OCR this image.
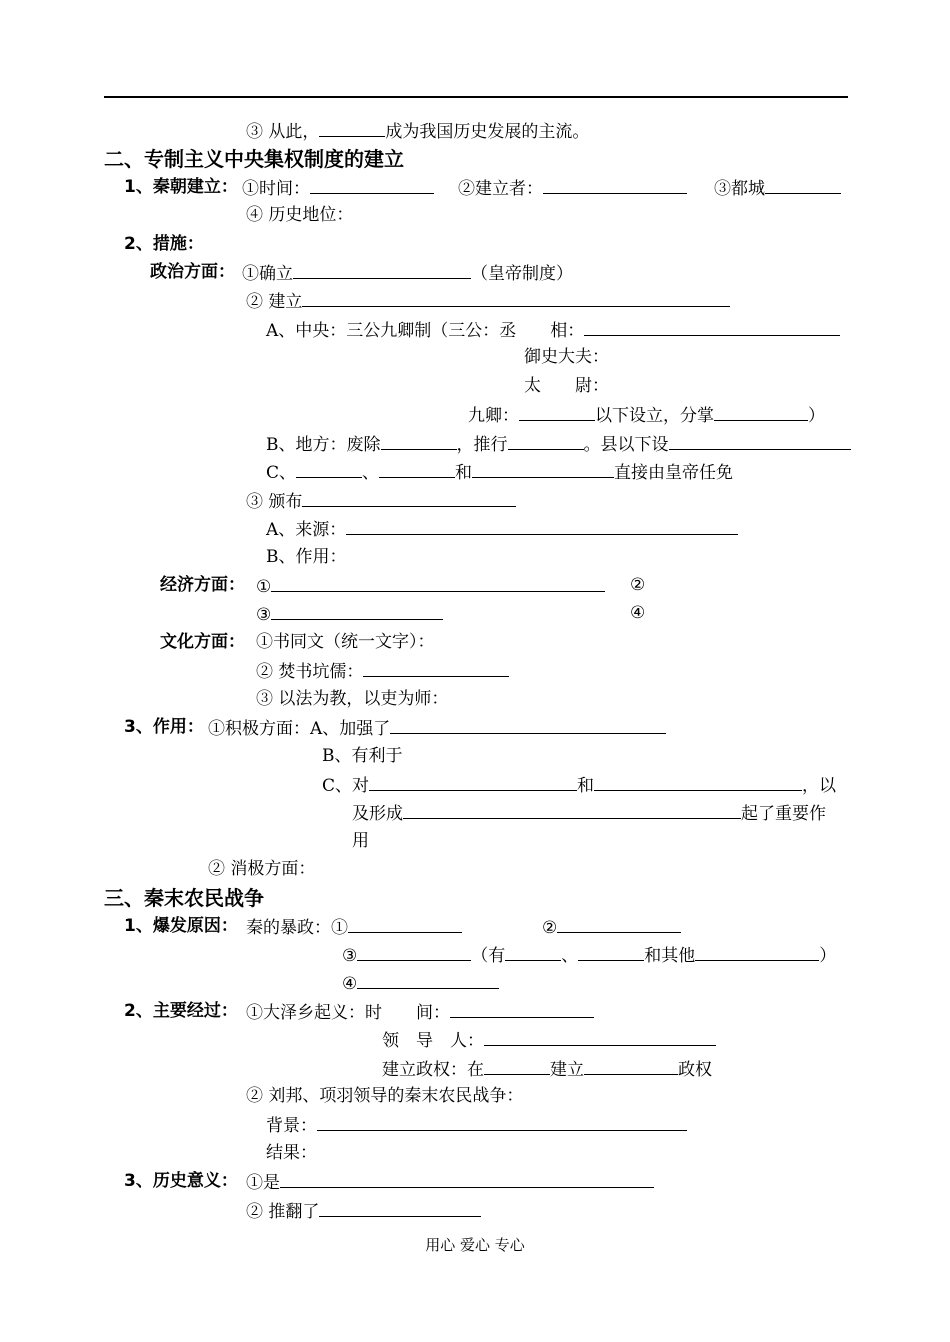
③ 从此，	成为我国历史发展的主流。
二、专制主义中央集权制度的建立
1、秦朝建立： ①时间：	②建立者：	③都城
④ 历史地位：
2、措施：
政治方面： ①确立	（皇帝制度）
② 建立
A、中央：三公九卿制（三公：丞　　相：
御史大夫：
太　　尉：
九卿：	以下设立，分掌	）
B、地方：废除	，推行	。县以下设
C、	、	和	直接由皇帝任免
③ 颁布
A、来源：
B、作用：
经济方面： ①	②
③	④
文化方面： ①书同文（统一文字）：
② 焚书坑儒：
③ 以法为教，以吏为师：
3、作用： ①积极方面：A、加强了
B、有利于
C、对	和	，以
及形成	起了重要作
用
② 消极方面：
三、秦末农民战争
1、爆发原因： 秦的暴政：①	②
③	（有	、	和其他	）
④
2、主要经过： ①大泽乡起义：时　　间：
领　导　人：
建立政权：在	建立	政权
② 刘邦、项羽领导的秦末农民战争：
背景：
结果：
3、历史意义： ①是
② 推翻了
用心 爱心 专心
